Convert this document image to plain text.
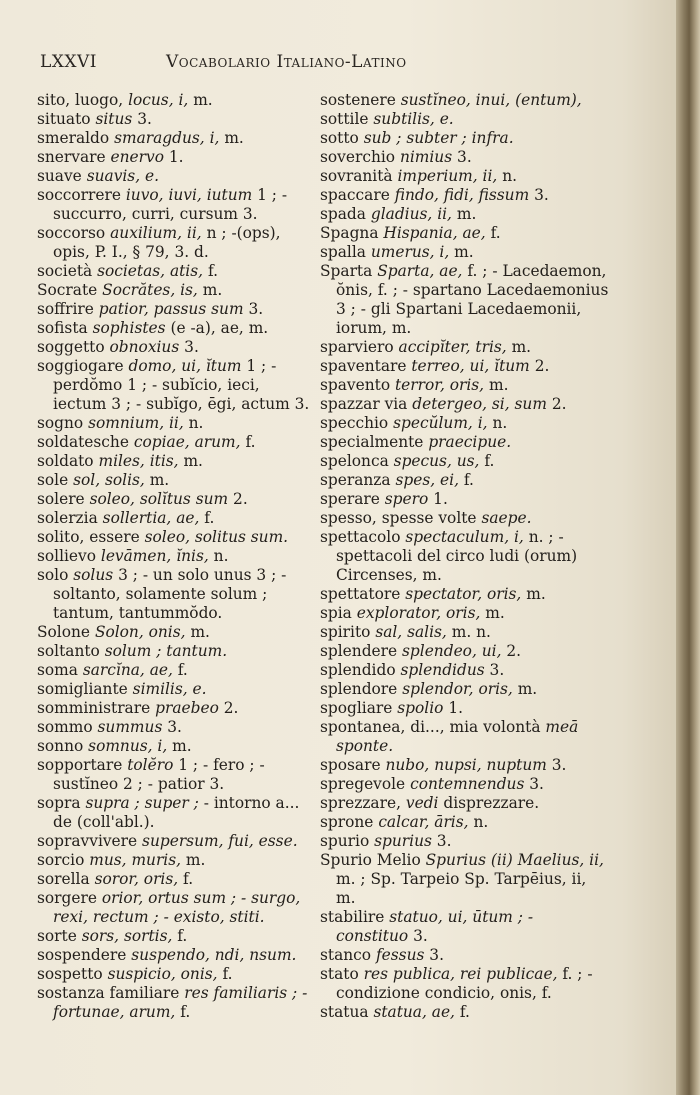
LXXVI	Vocabolario Italiano-Latino
sito, luogo, locus, i, m.
situato situs 3.
smeraldo smaragdus, i, m.
snervare enervo 1.
suave suavis, e.
soccorrere iuvo, iuvi, iutum 1 ; - succurro, curri, cursum 3.
soccorso auxilium, ii, n ; -(ops), opis, P. I., § 79, 3. d.
società societas, atis, f.
Socrate Socrătes, is, m.
soffrire patior, passus sum 3.
sofista sophistes (e -a), ae, m.
soggetto obnoxius 3.
soggiogare domo, ui, ĭtum 1 ; - perdŏmo 1 ; - subĭcio, ieci, iectum 3 ; - subĭgo, ēgi, actum 3.
sogno somnium, ii, n.
soldatesche copiae, arum, f.
soldato miles, itis, m.
sole sol, solis, m.
solere soleo, solĭtus sum 2.
solerzia sollertia, ae, f.
solito, essere soleo, solitus sum.
sollievo levāmen, ĭnis, n.
solo solus 3 ; - un solo unus 3 ; - soltanto, solamente solum ; tantum, tantummŏdo.
Solone Solon, onis, m.
soltanto solum ; tantum.
soma sarcĭna, ae, f.
somigliante similis, e.
somministrare praebeo 2.
sommo summus 3.
sonno somnus, i, m.
sopportare tolĕro 1 ; - fero ; - sustĭneo 2 ; - patior 3.
sopra supra ; super ; - intorno a... de (coll'abl.).
sopravvivere supersum, fui, esse.
sorcio mus, muris, m.
sorella soror, oris, f.
sorgere orior, ortus sum ; - surgo, rexi, rectum ; - existo, stiti.
sorte sors, sortis, f.
sospendere suspendo, ndi, nsum.
sospetto suspicio, onis, f.
sostanza familiare res familiaris ; - fortunae, arum, f.
sostenere sustĭneo, inui, (entum),
sottile subtilis, e.
sotto sub ; subter ; infra.
soverchio nimius 3.
sovranità imperium, ii, n.
spaccare findo, fidi, fissum 3.
spada gladius, ii, m.
Spagna Hispania, ae, f.
spalla umerus, i, m.
Sparta Sparta, ae, f. ; - Lacedaemon, ŏnis, f. ; - spartano Lacedaemonius 3 ; - gli Spartani Lacedaemonii, iorum, m.
sparviero accipĭter, tris, m.
spaventare terreo, ui, ĭtum 2.
spavento terror, oris, m.
spazzar via detergeo, si, sum 2.
specchio specŭlum, i, n.
specialmente praecipue.
spelonca specus, us, f.
speranza spes, ei, f.
sperare spero 1.
spesso, spesse volte saepe.
spettacolo spectaculum, i, n. ; - spettacoli del circo ludi (orum) Circenses, m.
spettatore spectator, oris, m.
spia explorator, oris, m.
spirito sal, salis, m. n.
splendere splendeo, ui, 2.
splendido splendidus 3.
splendore splendor, oris, m.
spogliare spolio 1.
spontanea, di..., mia volontà meā sponte.
sposare nubo, nupsi, nuptum 3.
spregevole contemnendus 3.
sprezzare, vedi disprezzare.
sprone calcar, āris, n.
spurio spurius 3.
Spurio Melio Spurius (ii) Maelius, ii, m. ; Sp. Tarpeio Sp. Tarpēius, ii, m.
stabilire statuo, ui, ūtum ; - constituo 3.
stanco fessus 3.
stato res publica, rei publicae, f. ; - condizione condicio, onis, f.
statua statua, ae, f.
